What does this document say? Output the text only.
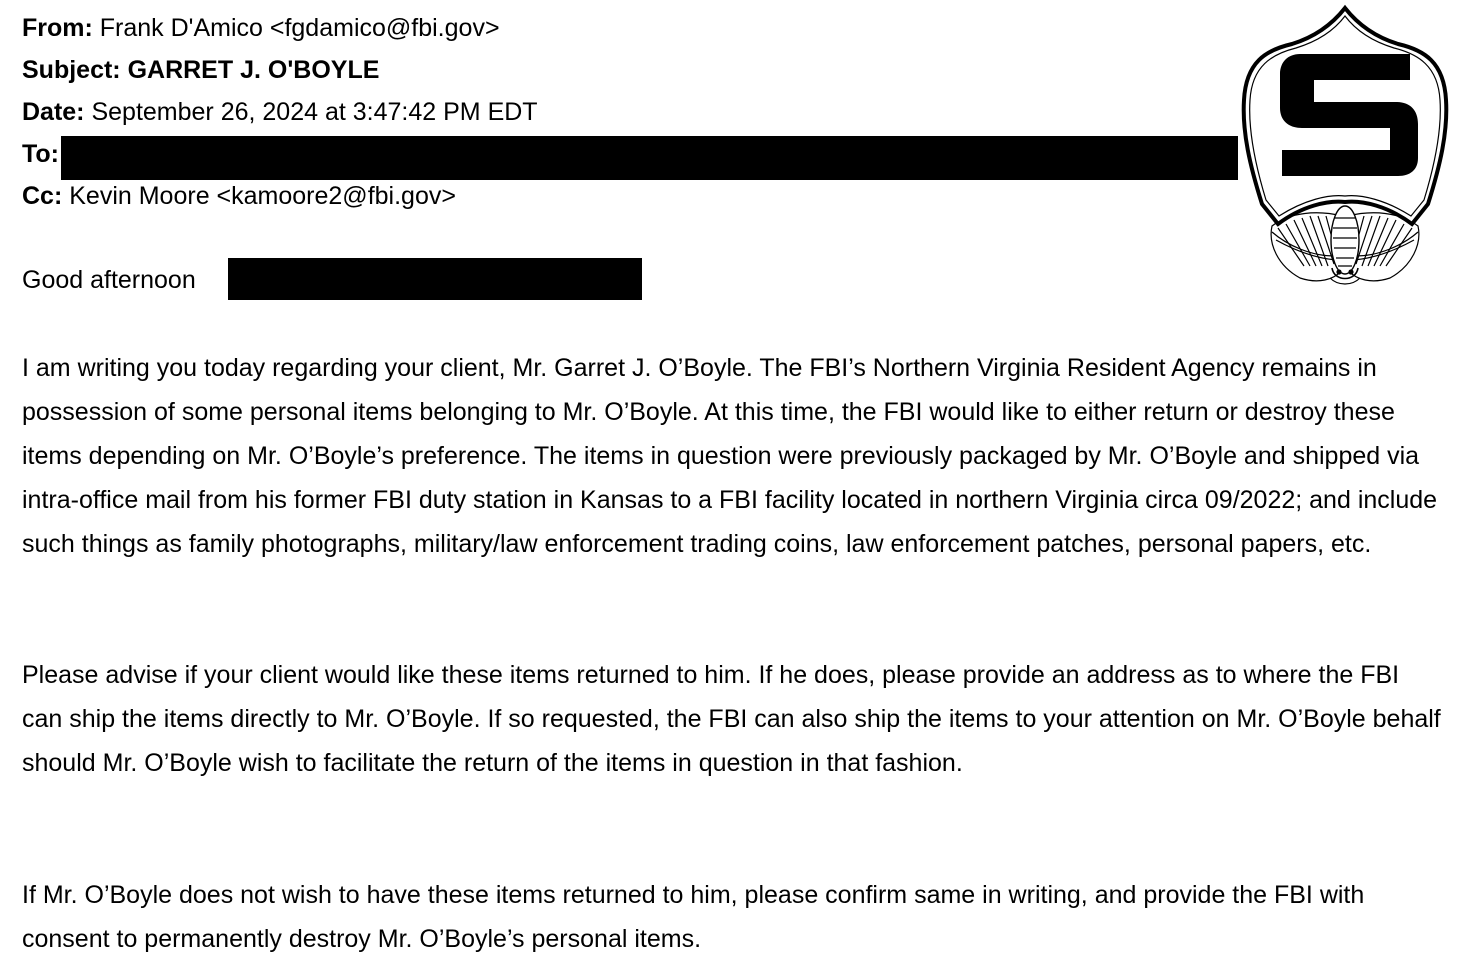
From: Frank D'Amico <fgdamico@fbi.gov>
Subject: GARRET J. O'BOYLE
Date: September 26, 2024 at 3:47:42 PM EDT
To:
Cc: Kevin Moore <kamoore2@fbi.gov>
Good afternoon
I am writing you today regarding your client, Mr. Garret J. O’Boyle. The FBI’s Northern Virginia Resident Agency remains in possession of some personal items belonging to Mr. O’Boyle. At this time, the FBI would like to either return or destroy these items depending on Mr. O’Boyle’s preference. The items in question were previously packaged by Mr. O’Boyle and shipped via intra-office mail from his former FBI duty station in Kansas to a FBI facility located in northern Virginia circa 09/2022; and include such things as family photographs, military/law enforcement trading coins, law enforcement patches, personal papers, etc.
Please advise if your client would like these items returned to him. If he does, please provide an address as to where the FBI can ship the items directly to Mr. O’Boyle. If so requested, the FBI can also ship the items to your attention on Mr. O’Boyle behalf should Mr. O’Boyle wish to facilitate the return of the items in question in that fashion.
If Mr. O’Boyle does not wish to have these items returned to him, please confirm same in writing, and provide the FBI with consent to permanently destroy Mr. O’Boyle’s personal items.
